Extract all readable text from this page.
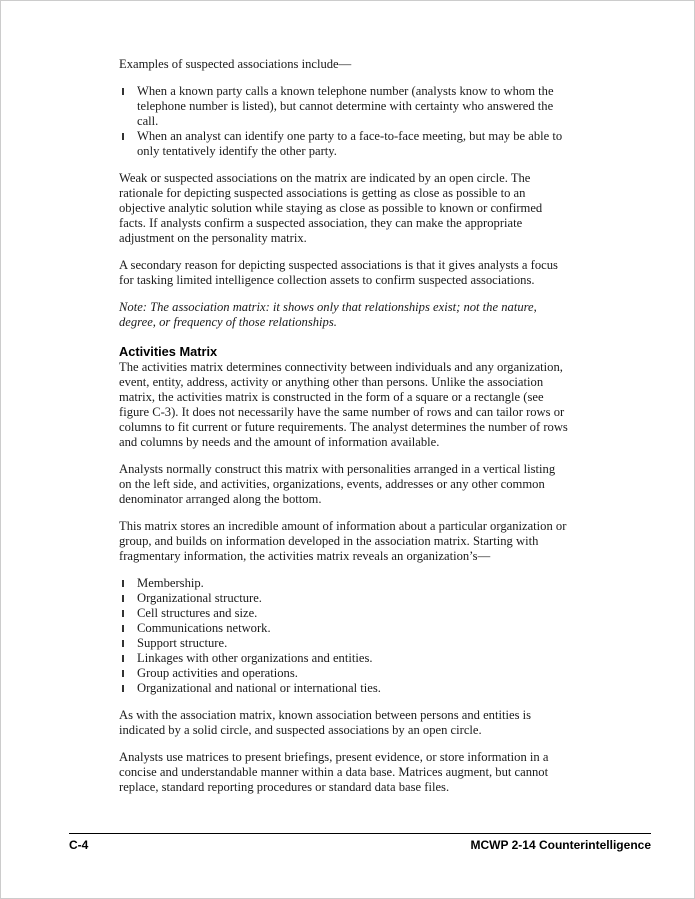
Examples of suspected associations include—

When a known party calls a known telephone number (analysts know to whom the telephone number is listed), but cannot determine with certainty who answered the call.
When an analyst can identify one party to a face-to-face meeting, but may be able to only tentatively identify the other party.

Weak or suspected associations on the matrix are indicated by an open circle. The rationale for depicting suspected associations is getting as close as possible to an objective analytic solution while staying as close as possible to known or confirmed facts. If analysts confirm a suspected association, they can make the appropriate adjustment on the personality matrix.

A secondary reason for depicting suspected associations is that it gives analysts a focus for tasking limited intelligence collection assets to confirm suspected associations.

Note: The association matrix: it shows only that relationships exist; not the nature, degree, or frequency of those relationships.

Activities Matrix

The activities matrix determines connectivity between individuals and any organization, event, entity, address, activity or anything other than persons. Unlike the association matrix, the activities matrix is constructed in the form of a square or a rectangle (see figure C-3). It does not necessarily have the same number of rows and can tailor rows or columns to fit current or future requirements. The analyst determines the number of rows and columns by needs and the amount of information available.

Analysts normally construct this matrix with personalities arranged in a vertical listing on the left side, and activities, organizations, events, addresses or any other common denominator arranged along the bottom.

This matrix stores an incredible amount of information about a particular organization or group, and builds on information developed in the association matrix. Starting with fragmentary information, the activities matrix reveals an organization’s—

Membership.
Organizational structure.
Cell structures and size.
Communications network.
Support structure.
Linkages with other organizations and entities.
Group activities and operations.
Organizational and national or international ties.

As with the association matrix, known association between persons and entities is indicated by a solid circle, and suspected associations by an open circle.

Analysts use matrices to present briefings, present evidence, or store information in a concise and understandable manner within a data base. Matrices augment, but cannot replace, standard reporting procedures or standard data base files.

C-4	MCWP 2-14 Counterintelligence
